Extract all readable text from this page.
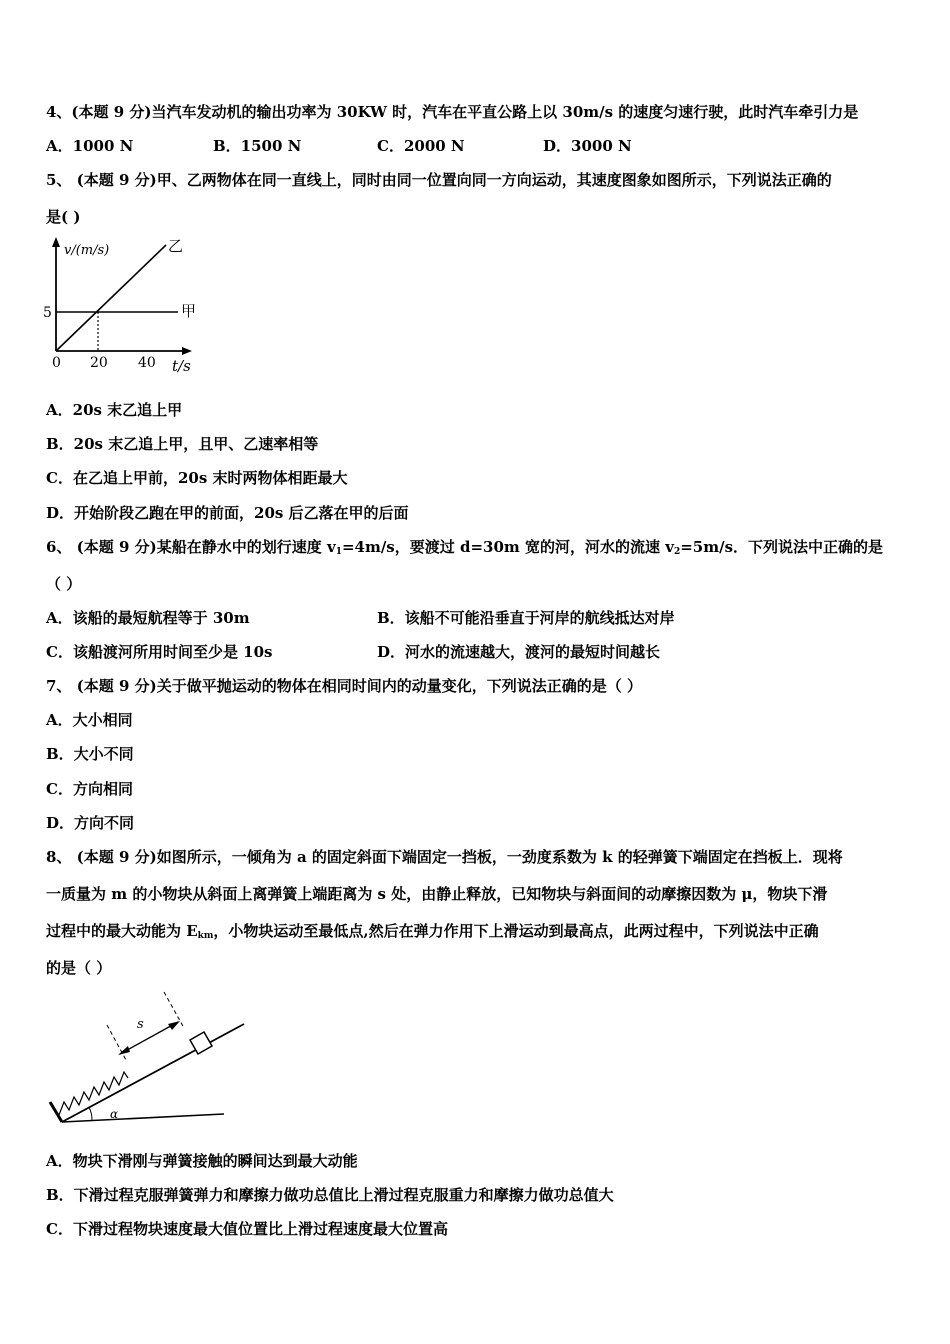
4、(本题 9 分)当汽车发动机的输出功率为 30KW 时，汽车在平直公路上以 30m/s 的速度匀速行驶，此时汽车牵引力是
A．1000 N	B．1500 N	C．2000 N	D．3000 N
5、 (本题 9 分)甲、乙两物体在同一直线上，同时由同一位置向同一方向运动，其速度图象如图所示，下列说法正确的
是( )
v/(m/s)
5
0 20 40 t/s
甲
乙
A．20s 末乙追上甲
B．20s 末乙追上甲，且甲、乙速率相等
C．在乙追上甲前，20s 末时两物体相距最大
D．开始阶段乙跑在甲的前面，20s 后乙落在甲的后面
6、 (本题 9 分)某船在静水中的划行速度 $v_1=4m/s$，要渡过 d=30m 宽的河，河水的流速 $v_2=5m/s$．下列说法中正确的是
（ ）
A．该船的最短航程等于 30m	B．该船不可能沿垂直于河岸的航线抵达对岸
C．该船渡河所用时间至少是 10s	D．河水的流速越大，渡河的最短时间越长
7、 (本题 9 分)关于做平抛运动的物体在相同时间内的动量变化，下列说法正确的是（ ）
A．大小相同
B．大小不同
C．方向相同
D．方向不同
8、 (本题 9 分)如图所示，一倾角为 a 的固定斜面下端固定一挡板，一劲度系数为 k 的轻弹簧下端固定在挡板上．现将
一质量为 m 的小物块从斜面上离弹簧上端距离为 s 处，由静止释放，已知物块与斜面间的动摩擦因数为 μ，物块下滑
过程中的最大动能为 $E_{km}$，小物块运动至最低点,然后在弹力作用下上滑运动到最高点，此两过程中，下列说法中正确
的是（ ）
s
α
A．物块下滑刚与弹簧接触的瞬间达到最大动能
B．下滑过程克服弹簧弹力和摩擦力做功总值比上滑过程克服重力和摩擦力做功总值大
C．下滑过程物块速度最大值位置比上滑过程速度最大位置高
